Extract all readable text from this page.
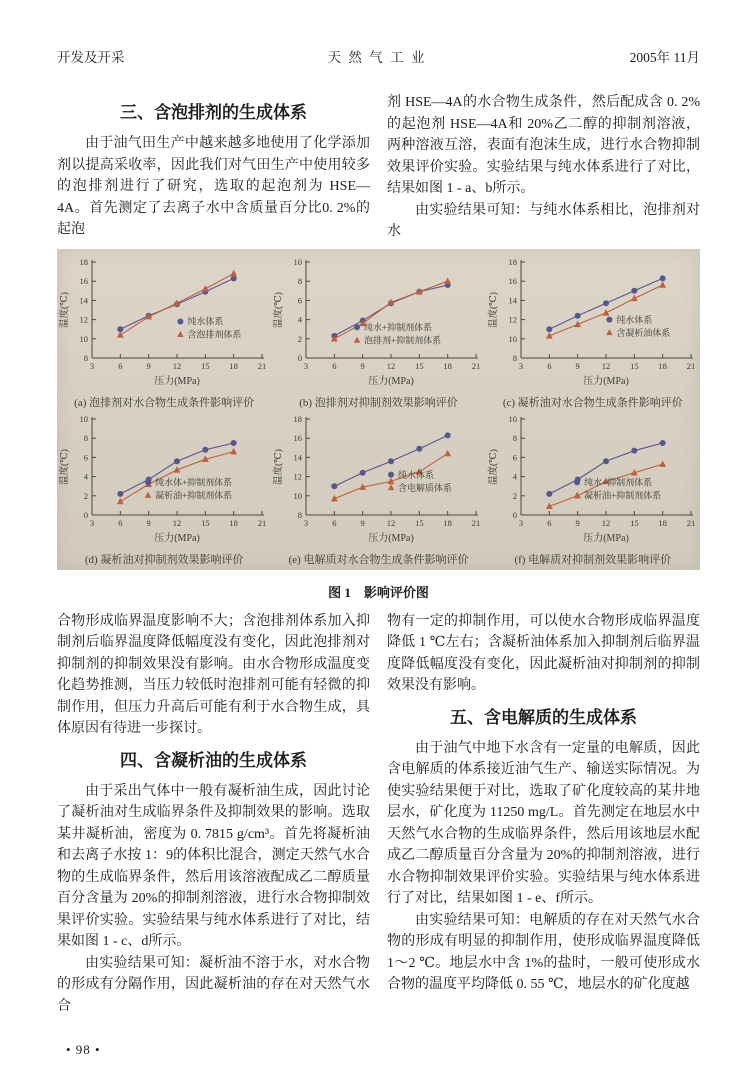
开发及开采	天 然 气 工 业	2005年 11月
三、含泡排剂的生成体系

由于油气田生产中越来越多地使用了化学添加剂以提高采收率，因此我们对气田生产中使用较多的泡排剂进行了研究，选取的起泡剂为 HSE—4A。首先测定了去离子水中含质量百分比0. 2%的起泡

剂 HSE—4A的水合物生成条件，然后配成含 0. 2%的起泡剂 HSE—4A和 20%乙二醇的抑制剂溶液，两种溶液互溶，表面有泡沫生成，进行水合物抑制效果评价实验。实验结果与纯水体系进行了对比，结果如图 1 - a、b所示。

由实验结果可知：与纯水体系相比，泡排剂对水

3	6	9	12 15 18 21
8
10
12
14
16
18
压力(MPa)
温度(℃)	纯水体系
含泡排剂体系
(a) 泡排剂对水合物生成条件影响评价
3	6	9	12 15 18 21
0
2
4
6
8
10
压力(MPa)
温度(℃)	纯水+抑制剂体系
泡排剂+抑制剂体系
(b) 泡排剂对抑制剂效果影响评价
3	6	9	12 15 18 21
8
10
12
14
16
18
压力(MPa)
温度(℃)	纯水体系
含凝析油体系
(c) 凝析油对水合物生成条件影响评价
3	6	9	12 15 18 21
0
2
4
6
8
10
压力(MPa)
温度(℃)	纯水体+抑制剂体系
凝析油+抑制剂体系
(d) 凝析油对抑制剂效果影响评价
3	6	9	12 15 18 21
8
10
12
14
16
18
压力(MPa)
温度(℃)	纯水体系
含电解质体系
(e) 电解质对水合物生成条件影响评价
3	6	9	12 15 18 21
0
2
4
6
8
10
压力(MPa)
温度(℃)	纯水+抑制剂体系
凝析油+抑制剂体系
(f) 电解质对抑制剂效果影响评价
图 1　影响评价图

合物形成临界温度影响不大；含泡排剂体系加入抑制剂后临界温度降低幅度没有变化，因此泡排剂对抑制剂的抑制效果没有影响。由水合物形成温度变化趋势推测，当压力较低时泡排剂可能有轻微的抑制作用，但压力升高后可能有利于水合物生成，具体原因有待进一步探讨。

四、含凝析油的生成体系

由于采出气体中一般有凝析油生成，因此讨论了凝析油对生成临界条件及抑制效果的影响。选取某井凝析油，密度为 0. 7815 g/cm³。首先将凝析油和去离子水按 1：9的体积比混合，测定天然气水合物的生成临界条件，然后用该溶液配成乙二醇质量百分含量为 20%的抑制剂溶液，进行水合物抑制效果评价实验。实验结果与纯水体系进行了对比，结果如图 1 - c、d所示。

由实验结果可知：凝析油不溶于水，对水合物的形成有分隔作用，因此凝析油的存在对天然气水合

物有一定的抑制作用，可以使水合物形成临界温度降低 1 ℃左右；含凝析油体系加入抑制剂后临界温度降低幅度没有变化，因此凝析油对抑制剂的抑制效果没有影响。

五、含电解质的生成体系

由于油气中地下水含有一定量的电解质，因此含电解质的体系接近油气生产、输送实际情况。为使实验结果便于对比，选取了矿化度较高的某井地层水，矿化度为 11250 mg/L。首先测定在地层水中天然气水合物的生成临界条件，然后用该地层水配成乙二醇质量百分含量为 20%的抑制剂溶液，进行水合物抑制效果评价实验。实验结果与纯水体系进行了对比，结果如图 1 - e、f所示。

由实验结果可知：电解质的存在对天然气水合物的形成有明显的抑制作用，使形成临界温度降低 1～2 ℃。地层水中含 1%的盐时，一般可使形成水合物的温度平均降低 0. 55 ℃，地层水的矿化度越

• 98 •
